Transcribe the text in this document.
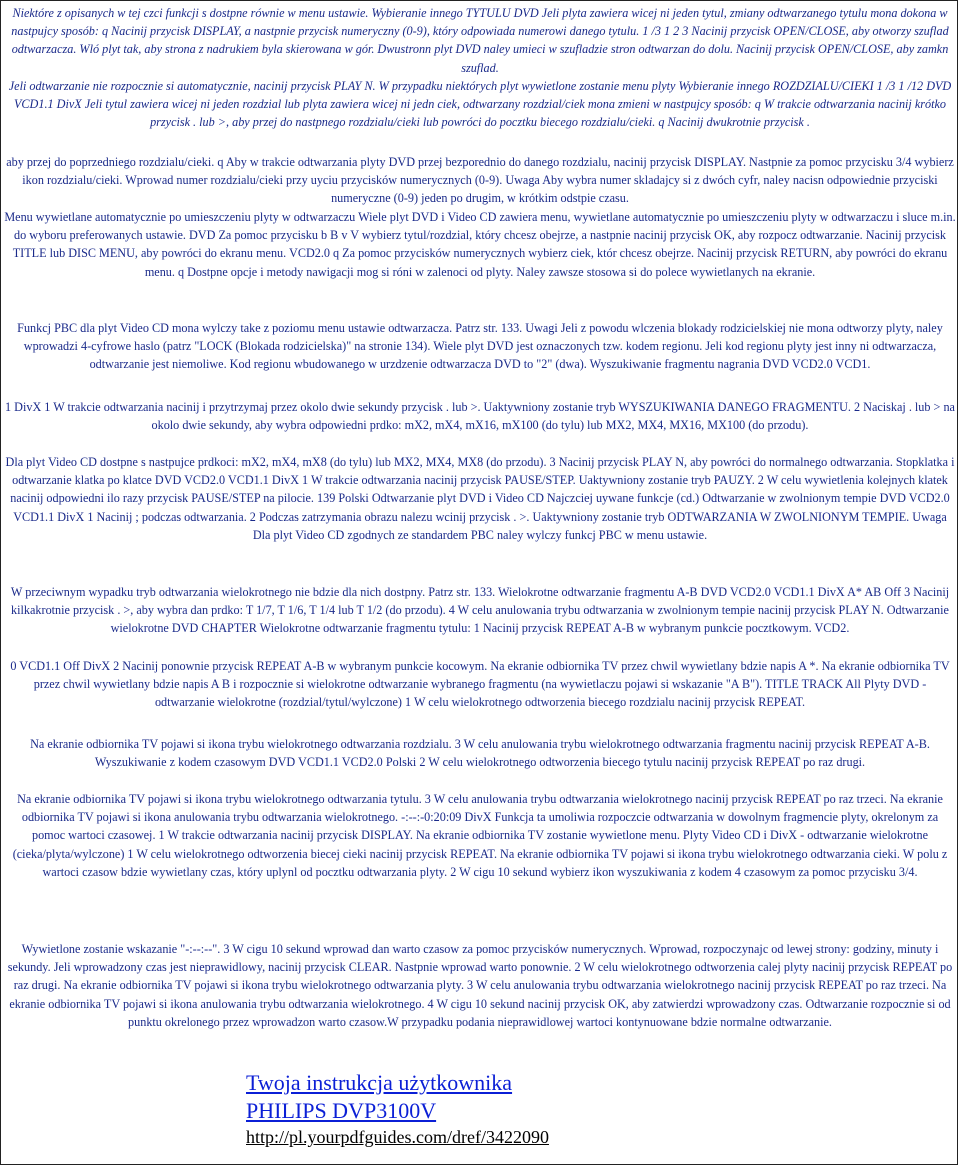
Niektóre z opisanych w tej czci funkcji s dostpne równie w menu ustawie. Wybieranie innego TYTULU DVD Jeli plyta zawiera wicej ni jeden tytul, zmiany odtwarzanego tytulu mona dokona w nastpujcy sposób: q Nacinij przycisk DISPLAY, a nastpnie przycisk numeryczny (0-9), który odpowiada numerowi danego tytulu. 1 /3 1 2 3 Nacinij przycisk OPEN/CLOSE, aby otworzy szuflad odtwarzacza. Wló plyt tak, aby strona z nadrukiem byla skierowana w gór. Dwustronn plyt DVD naley umieci w szufladzie stron odtwarzan do dolu. Nacinij przycisk OPEN/CLOSE, aby zamkn szuflad.

Jeli odtwarzanie nie rozpocznie si automatycznie, nacinij przycisk PLAY N. W przypadku niektórych plyt wywietlone zostanie menu plyty Wybieranie innego ROZDZIALU/CIEKI 1 /3 1 /12 DVD VCD1.1 DivX Jeli tytul zawiera wicej ni jeden rozdzial lub plyta zawiera wicej ni jedn ciek, odtwarzany rozdzial/ciek mona zmieni w nastpujcy sposób: q W trakcie odtwarzania nacinij krótko przycisk . lub >, aby przej do nastpnego rozdzialu/cieki lub powróci do pocztku biecego rozdzialu/cieki. q Nacinij dwukrotnie przycisk .

aby przej do poprzedniego rozdzialu/cieki. q Aby w trakcie odtwarzania plyty DVD przej bezporednio do danego rozdzialu, nacinij przycisk DISPLAY. Nastpnie za pomoc przycisku 3/4 wybierz ikon rozdzialu/cieki. Wprowad numer rozdzialu/cieki przy uyciu przycisków numerycznych (0-9). Uwaga Aby wybra numer skladajcy si z dwóch cyfr, naley nacisn odpowiednie przyciski numeryczne (0-9) jeden po drugim, w krótkim odstpie czasu.

Menu wywietlane automatycznie po umieszczeniu plyty w odtwarzaczu Wiele plyt DVD i Video CD zawiera menu, wywietlane automatycznie po umieszczeniu plyty w odtwarzaczu i sluce m.in. do wyboru preferowanych ustawie. DVD Za pomoc przycisku b B v V wybierz tytul/rozdzial, który chcesz obejrze, a nastpnie nacinij przycisk OK, aby rozpocz odtwarzanie. Nacinij przycisk TITLE lub DISC MENU, aby powróci do ekranu menu. VCD2.0 q Za pomoc przycisków numerycznych wybierz ciek, któr chcesz obejrze. Nacinij przycisk RETURN, aby powróci do ekranu menu. q Dostpne opcje i metody nawigacji mog si róni w zalenoci od plyty. Naley zawsze stosowa si do polece wywietlanych na ekranie.

Funkcj PBC dla plyt Video CD mona wylczy take z poziomu menu ustawie odtwarzacza. Patrz str. 133. Uwagi Jeli z powodu wlczenia blokady rodzicielskiej nie mona odtworzy plyty, naley wprowadzi 4-cyfrowe haslo (patrz "LOCK (Blokada rodzicielska)" na stronie 134). Wiele plyt DVD jest oznaczonych tzw. kodem regionu. Jeli kod regionu plyty jest inny ni odtwarzacza, odtwarzanie jest niemoliwe. Kod regionu wbudowanego w urzdzenie odtwarzacza DVD to "2" (dwa). Wyszukiwanie fragmentu nagrania DVD VCD2.0 VCD1.

1 DivX 1 W trakcie odtwarzania nacinij i przytrzymaj przez okolo dwie sekundy przycisk . lub >. Uaktywniony zostanie tryb WYSZUKIWANIA DANEGO FRAGMENTU. 2 Naciskaj . lub > na okolo dwie sekundy, aby wybra odpowiedni prdko: mX2, mX4, mX16, mX100 (do tylu) lub MX2, MX4, MX16, MX100 (do przodu).

Dla plyt Video CD dostpne s nastpujce prdkoci: mX2, mX4, mX8 (do tylu) lub MX2, MX4, MX8 (do przodu). 3 Nacinij przycisk PLAY N, aby powróci do normalnego odtwarzania. Stopklatka i odtwarzanie klatka po klatce DVD VCD2.0 VCD1.1 DivX 1 W trakcie odtwarzania nacinij przycisk PAUSE/STEP. Uaktywniony zostanie tryb PAUZY. 2 W celu wywietlenia kolejnych klatek nacinij odpowiedni ilo razy przycisk PAUSE/STEP na pilocie. 139 Polski Odtwarzanie plyt DVD i Video CD Najczciej uywane funkcje (cd.) Odtwarzanie w zwolnionym tempie DVD VCD2.0 VCD1.1 DivX 1 Nacinij ; podczas odtwarzania. 2 Podczas zatrzymania obrazu nalezu wcinij przycisk . >. Uaktywniony zostanie tryb ODTWARZANIA W ZWOLNIONYM TEMPIE. Uwaga Dla plyt Video CD zgodnych ze standardem PBC naley wylczy funkcj PBC w menu ustawie.

W przeciwnym wypadku tryb odtwarzania wielokrotnego nie bdzie dla nich dostpny. Patrz str. 133. Wielokrotne odtwarzanie fragmentu A-B DVD VCD2.0 VCD1.1 DivX A* AB Off 3 Nacinij kilkakrotnie przycisk . >, aby wybra dan prdko: T 1/7, T 1/6, T 1/4 lub T 1/2 (do przodu). 4 W celu anulowania trybu odtwarzania w zwolnionym tempie nacinij przycisk PLAY N. Odtwarzanie wielokrotne DVD CHAPTER Wielokrotne odtwarzanie fragmentu tytulu: 1 Nacinij przycisk REPEAT A-B w wybranym punkcie pocztkowym. VCD2.

0 VCD1.1 Off DivX 2 Nacinij ponownie przycisk REPEAT A-B w wybranym punkcie kocowym. Na ekranie odbiornika TV przez chwil wywietlany bdzie napis A *. Na ekranie odbiornika TV przez chwil wywietlany bdzie napis A B i rozpocznie si wielokrotne odtwarzanie wybranego fragmentu (na wywietlaczu pojawi si wskazanie "A B"). TITLE TRACK All Plyty DVD - odtwarzanie wielokrotne (rozdzial/tytul/wylczone) 1 W celu wielokrotnego odtworzenia biecego rozdzialu nacinij przycisk REPEAT.

Na ekranie odbiornika TV pojawi si ikona trybu wielokrotnego odtwarzania rozdzialu. 3 W celu anulowania trybu wielokrotnego odtwarzania fragmentu nacinij przycisk REPEAT A-B. Wyszukiwanie z kodem czasowym DVD VCD1.1 VCD2.0 Polski 2 W celu wielokrotnego odtworzenia biecego tytulu nacinij przycisk REPEAT po raz drugi.

Na ekranie odbiornika TV pojawi si ikona trybu wielokrotnego odtwarzania tytulu. 3 W celu anulowania trybu odtwarzania wielokrotnego nacinij przycisk REPEAT po raz trzeci. Na ekranie odbiornika TV pojawi si ikona anulowania trybu odtwarzania wielokrotnego. -:--:-0:20:09 DivX Funkcja ta umoliwia rozpoczcie odtwarzania w dowolnym fragmencie plyty, okrelonym za pomoc wartoci czasowej. 1 W trakcie odtwarzania nacinij przycisk DISPLAY. Na ekranie odbiornika TV zostanie wywietlone menu. Plyty Video CD i DivX - odtwarzanie wielokrotne (cieka/plyta/wylczone) 1 W celu wielokrotnego odtworzenia biecej cieki nacinij przycisk REPEAT. Na ekranie odbiornika TV pojawi si ikona trybu wielokrotnego odtwarzania cieki. W polu z wartoci czasow bdzie wywietlany czas, który uplynl od pocztku odtwarzania plyty. 2 W cigu 10 sekund wybierz ikon wyszukiwania z kodem 4 czasowym za pomoc przycisku 3/4.

Wywietlone zostanie wskazanie "-:--:--". 3 W cigu 10 sekund wprowad dan warto czasow za pomoc przycisków numerycznych. Wprowad, rozpoczynajc od lewej strony: godziny, minuty i sekundy. Jeli wprowadzony czas jest nieprawidlowy, nacinij przycisk CLEAR. Nastpnie wprowad warto ponownie. 2 W celu wielokrotnego odtworzenia calej plyty nacinij przycisk REPEAT po raz drugi. Na ekranie odbiornika TV pojawi si ikona trybu wielokrotnego odtwarzania plyty. 3 W celu anulowania trybu odtwarzania wielokrotnego nacinij przycisk REPEAT po raz trzeci. Na ekranie odbiornika TV pojawi si ikona anulowania trybu odtwarzania wielokrotnego. 4 W cigu 10 sekund nacinij przycisk OK, aby zatwierdzi wprowadzony czas. Odtwarzanie rozpocznie si od punktu okrelonego przez wprowadzon warto czasow.W przypadku podania nieprawidlowej wartoci kontynuowane bdzie normalne odtwarzanie.

Twoja instrukcja użytkownika
PHILIPS DVP3100V
http://pl.yourpdfguides.com/dref/3422090
